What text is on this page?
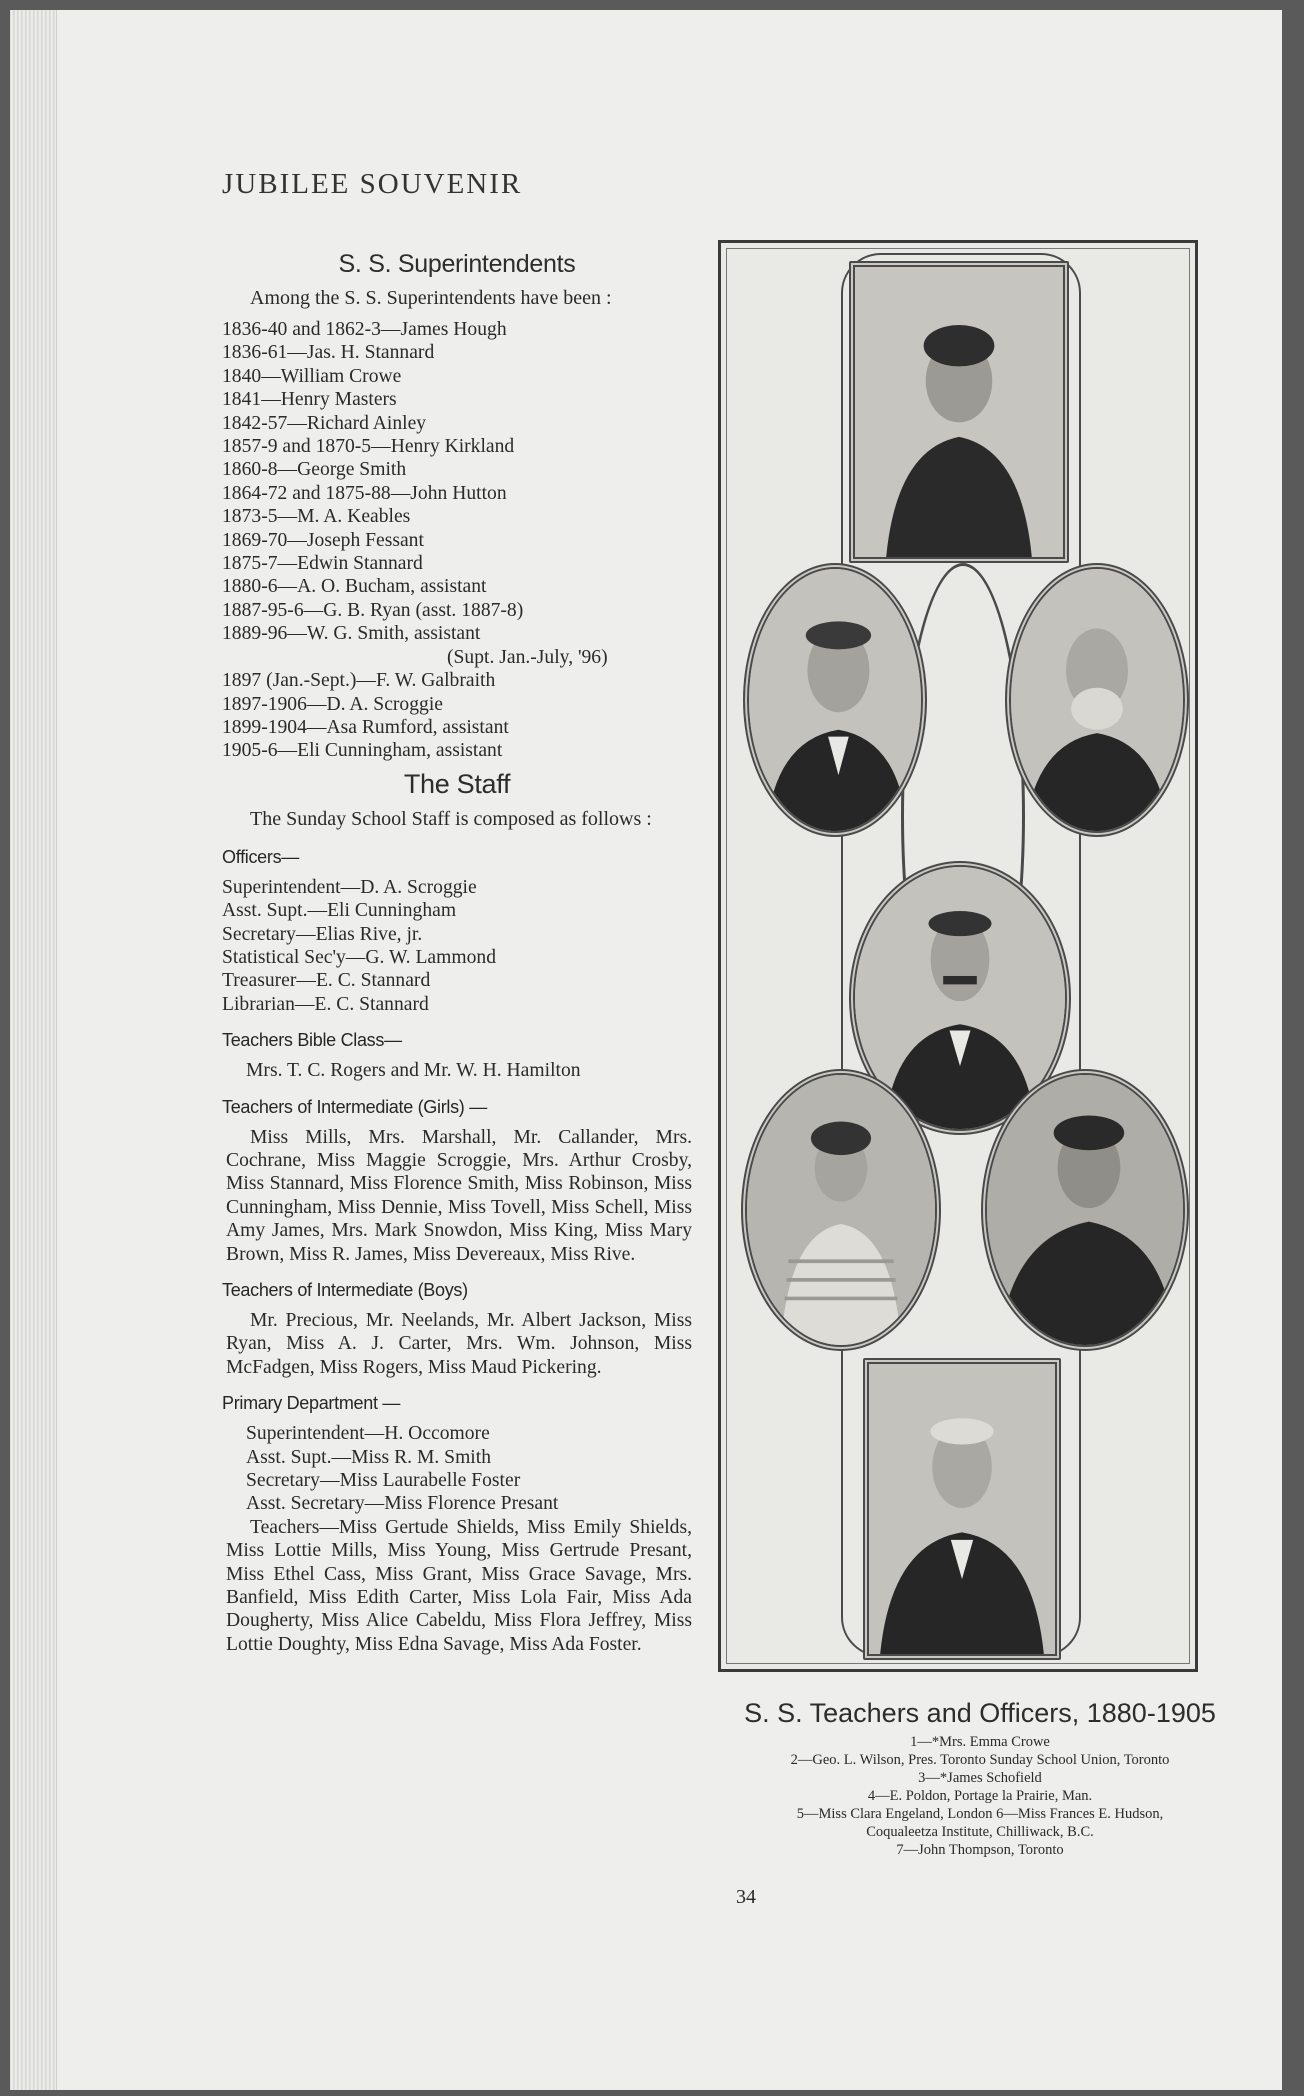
JUBILEE SOUVENIR
S. S. Superintendents
Among the S. S. Superintendents have been :
1836-40 and 1862-3—James Hough
1836-61—Jas. H. Stannard
1840—William Crowe
1841—Henry Masters
1842-57—Richard Ainley
1857-9 and 1870-5—Henry Kirkland
1860-8—George Smith
1864-72 and 1875-88—John Hutton
1873-5—M. A. Keables
1869-70—Joseph Fessant
1875-7—Edwin Stannard
1880-6—A. O. Bucham, assistant
1887-95-6—G. B. Ryan (asst. 1887-8)
1889-96—W. G. Smith, assistant
(Supt. Jan.-July, '96)
1897 (Jan.-Sept.)—F. W. Galbraith
1897-1906—D. A. Scroggie
1899-1904—Asa Rumford, assistant
1905-6—Eli Cunningham, assistant
The Staff
The Sunday School Staff is composed as follows :
Officers—
Superintendent—D. A. Scroggie
Asst. Supt.—Eli Cunningham
Secretary—Elias Rive, jr.
Statistical Sec'y—G. W. Lammond
Treasurer—E. C. Stannard
Librarian—E. C. Stannard
Teachers Bible Class—
Mrs. T. C. Rogers and Mr. W. H. Hamilton
Teachers of Intermediate (Girls) —
Miss Mills, Mrs. Marshall, Mr. Callander, Mrs. Cochrane, Miss Maggie Scroggie, Mrs. Arthur Crosby, Miss Stannard, Miss Florence Smith, Miss Robinson, Miss Cunningham, Miss Dennie, Miss Tovell, Miss Schell, Miss Amy James, Mrs. Mark Snowdon, Miss King, Miss Mary Brown, Miss R. James, Miss Devereaux, Miss Rive.
Teachers of Intermediate (Boys)
Mr. Precious, Mr. Neelands, Mr. Albert Jackson, Miss Ryan, Miss A. J. Carter, Mrs. Wm. Johnson, Miss McFadgen, Miss Rogers, Miss Maud Pickering.
Primary Department —
Superintendent—H. Occomore
Asst. Supt.—Miss R. M. Smith
Secretary—Miss Laurabelle Foster
Asst. Secretary—Miss Florence Presant
Teachers—Miss Gertude Shields, Miss Emily Shields, Miss Lottie Mills, Miss Young, Miss Gertrude Presant, Miss Ethel Cass, Miss Grant, Miss Grace Savage, Mrs. Banfield, Miss Edith Carter, Miss Lola Fair, Miss Ada Dougherty, Miss Alice Cabeldu, Miss Flora Jeffrey, Miss Lottie Doughty, Miss Edna Savage, Miss Ada Foster.
S. S. Teachers and Officers, 1880-1905
1—*Mrs. Emma Crowe
2—Geo. L. Wilson, Pres. Toronto Sunday School Union, Toronto
3—*James Schofield
4—E. Poldon, Portage la Prairie, Man.
5—Miss Clara Engeland, London 6—Miss Frances E. Hudson,
Coqualeetza Institute, Chilliwack, B.C.
7—John Thompson, Toronto
34
